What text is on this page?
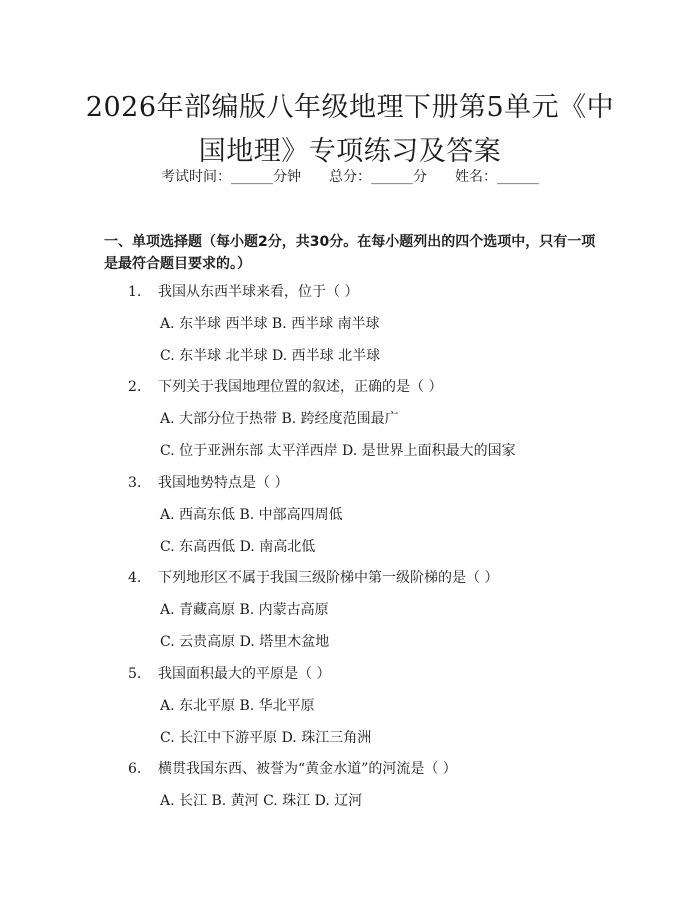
2026年部编版八年级地理下册第5单元《中国地理》专项练习及答案
考试时间：______分钟 总分：______分 姓名：______
一、单项选择题（每小题2分，共30分。在每小题列出的四个选项中，只有一项是最符合题目要求的。）
1. 我国从东西半球来看，位于（ ）
A. 东半球 西半球 B. 西半球 南半球
C. 东半球 北半球 D. 西半球 北半球
2. 下列关于我国地理位置的叙述，正确的是（ ）
A. 大部分位于热带 B. 跨经度范围最广
C. 位于亚洲东部 太平洋西岸 D. 是世界上面积最大的国家
3. 我国地势特点是（ ）
A. 西高东低 B. 中部高四周低
C. 东高西低 D. 南高北低
4. 下列地形区不属于我国三级阶梯中第一级阶梯的是（ ）
A. 青藏高原 B. 内蒙古高原
C. 云贵高原 D. 塔里木盆地
5. 我国面积最大的平原是（ ）
A. 东北平原 B. 华北平原
C. 长江中下游平原 D. 珠江三角洲
6. 横贯我国东西、被誉为“黄金水道”的河流是（ ）
A. 长江 B. 黄河 C. 珠江 D. 辽河
